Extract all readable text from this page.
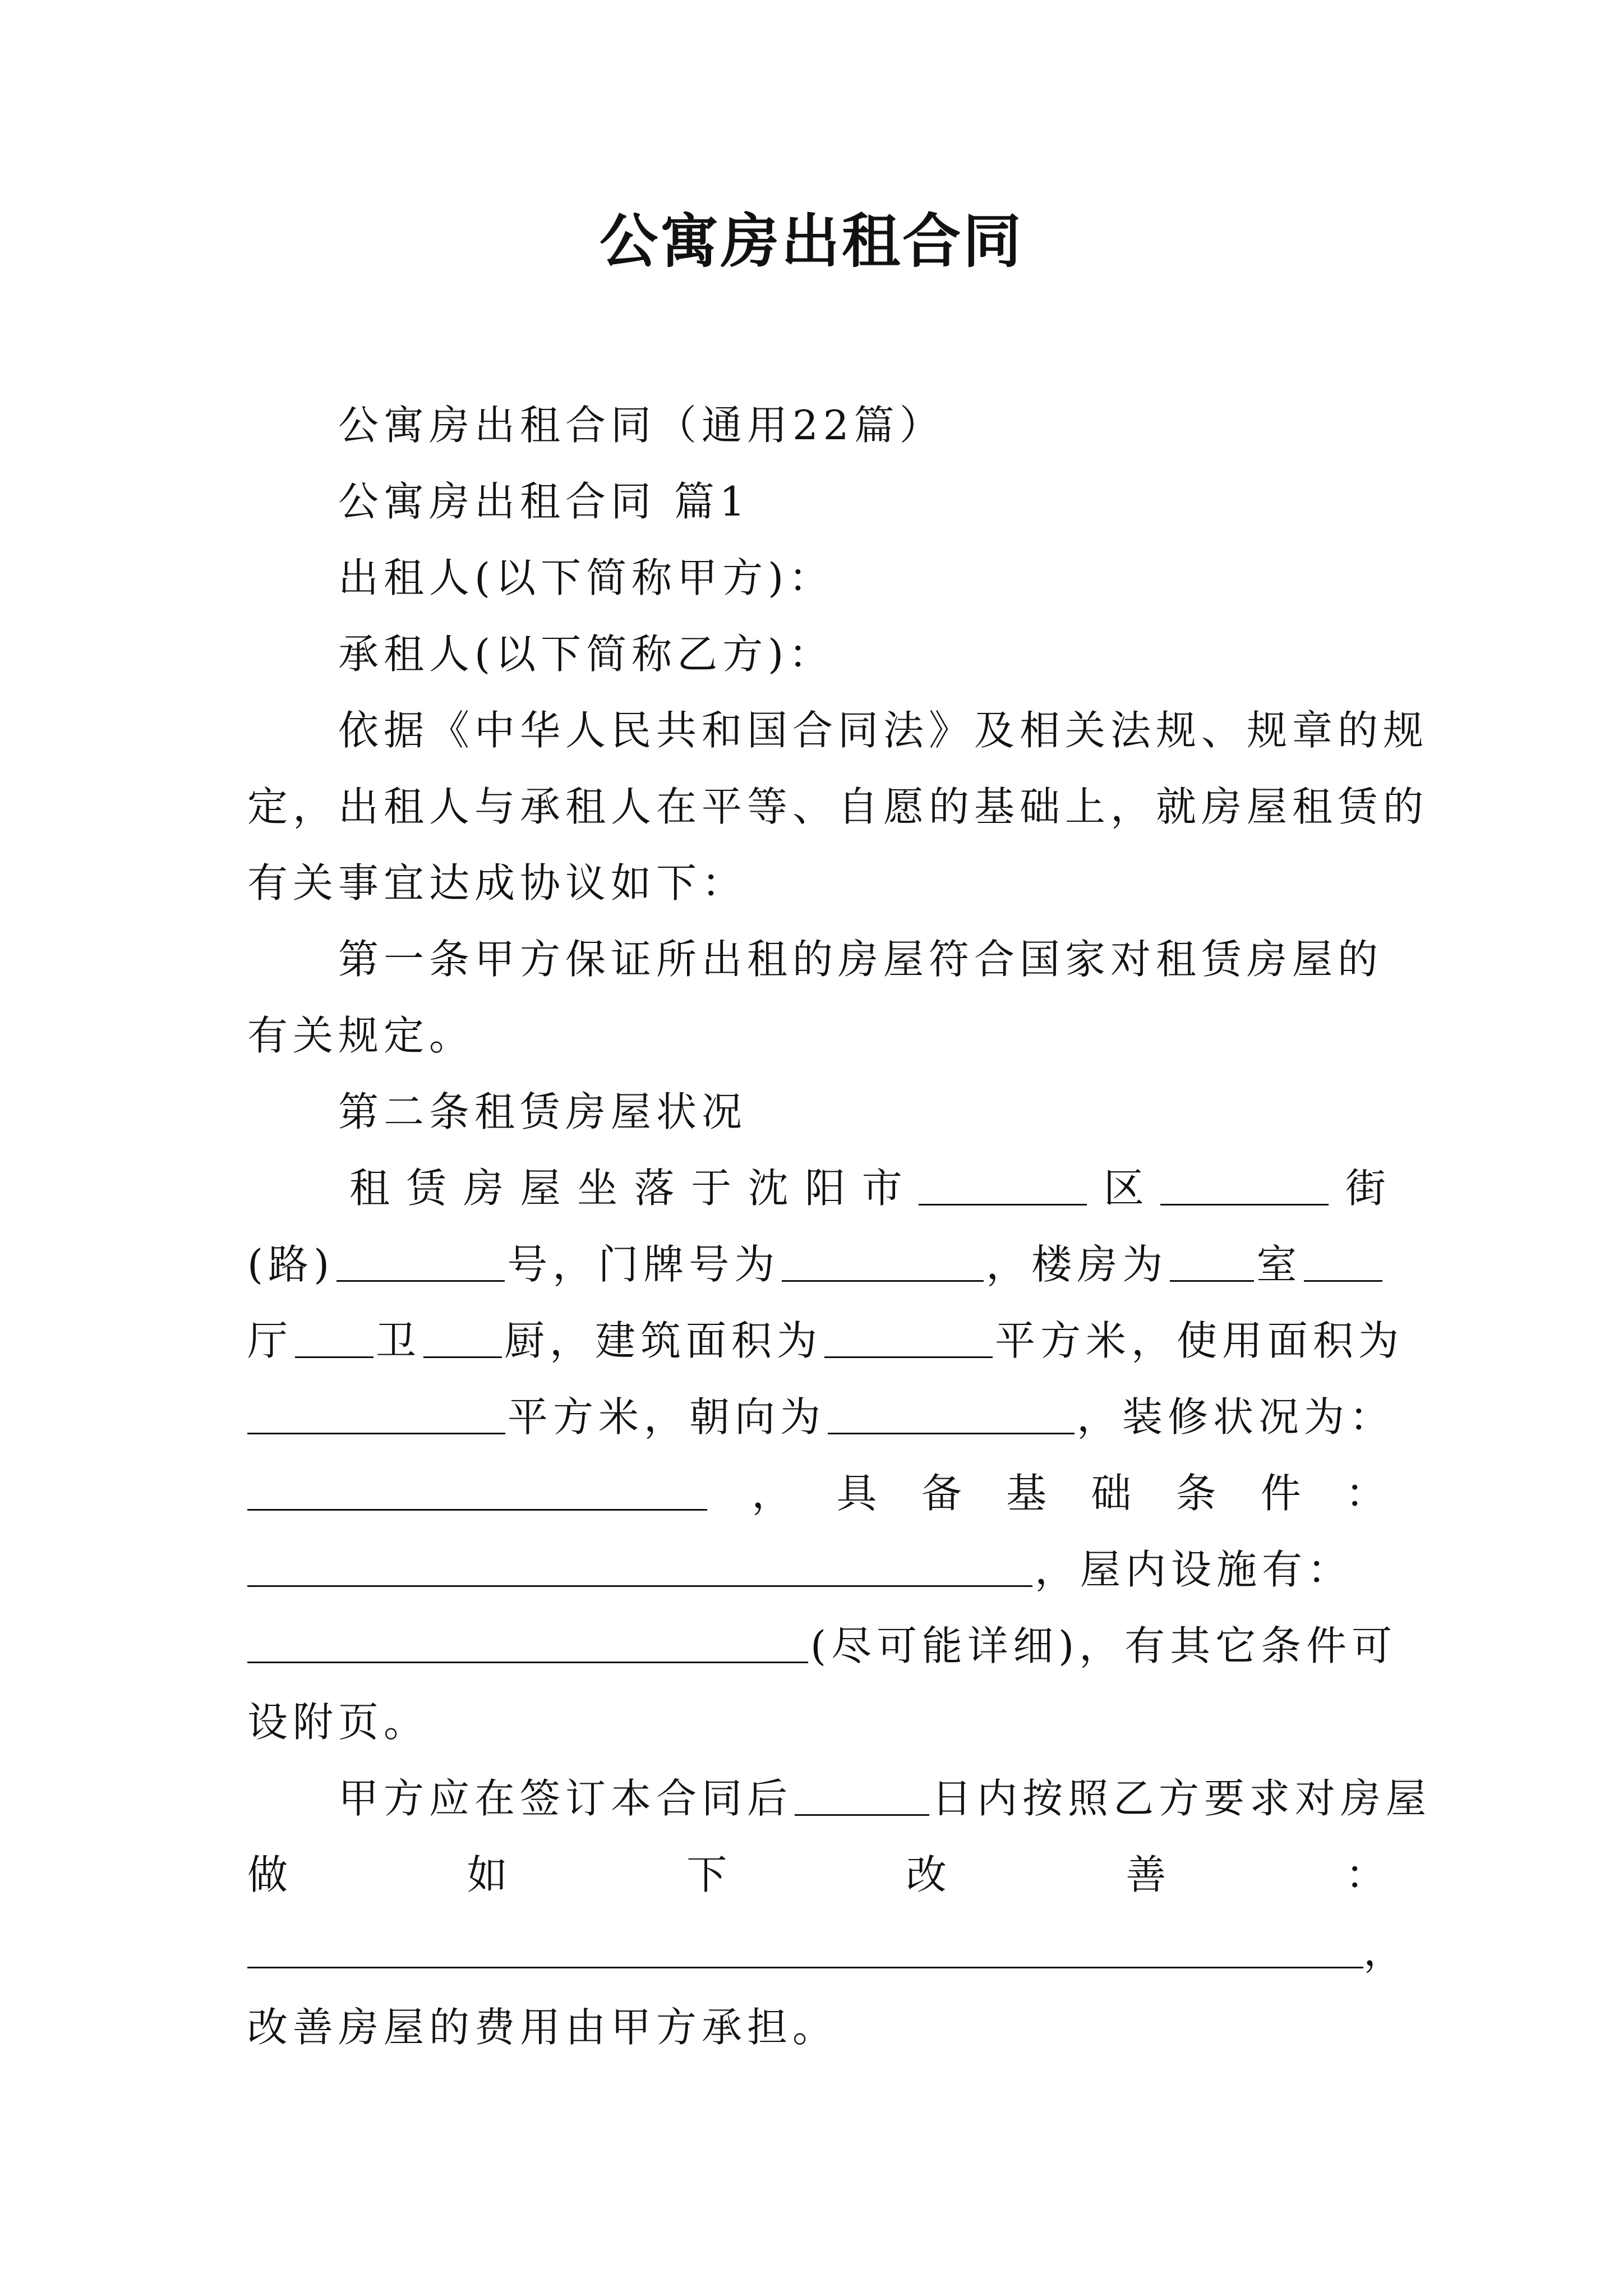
公寓房出租合同
公寓房出租合同（通用22篇）
公寓房出租合同 篇1
出租人(以下简称甲方)：
承租人(以下简称乙方)：
依据《中华人民共和国合同法》及相关法规、规章的规
定，出租人与承租人在平等、自愿的基础上，就房屋租赁的
有关事宜达成协议如下：
第一条甲方保证所出租的房屋符合国家对租赁房屋的
有关规定。
第二条租赁房屋状况
租 赁 房 屋 坐 落 于 沈 阳 市	区	街
(路)	号，门牌号为	，楼房为 室
厅 卫 厨，建筑面积为	平方米，使用面积为
平方米，朝向为	，装修状况为：
， 具 备 基 础 条 件 ：
，屋内设施有：
(尽可能详细)，有其它条件可
设附页。
甲方应在签订本合同后	日内按照乙方要求对房屋
做	如	下	改	善	：
，
改善房屋的费用由甲方承担。
